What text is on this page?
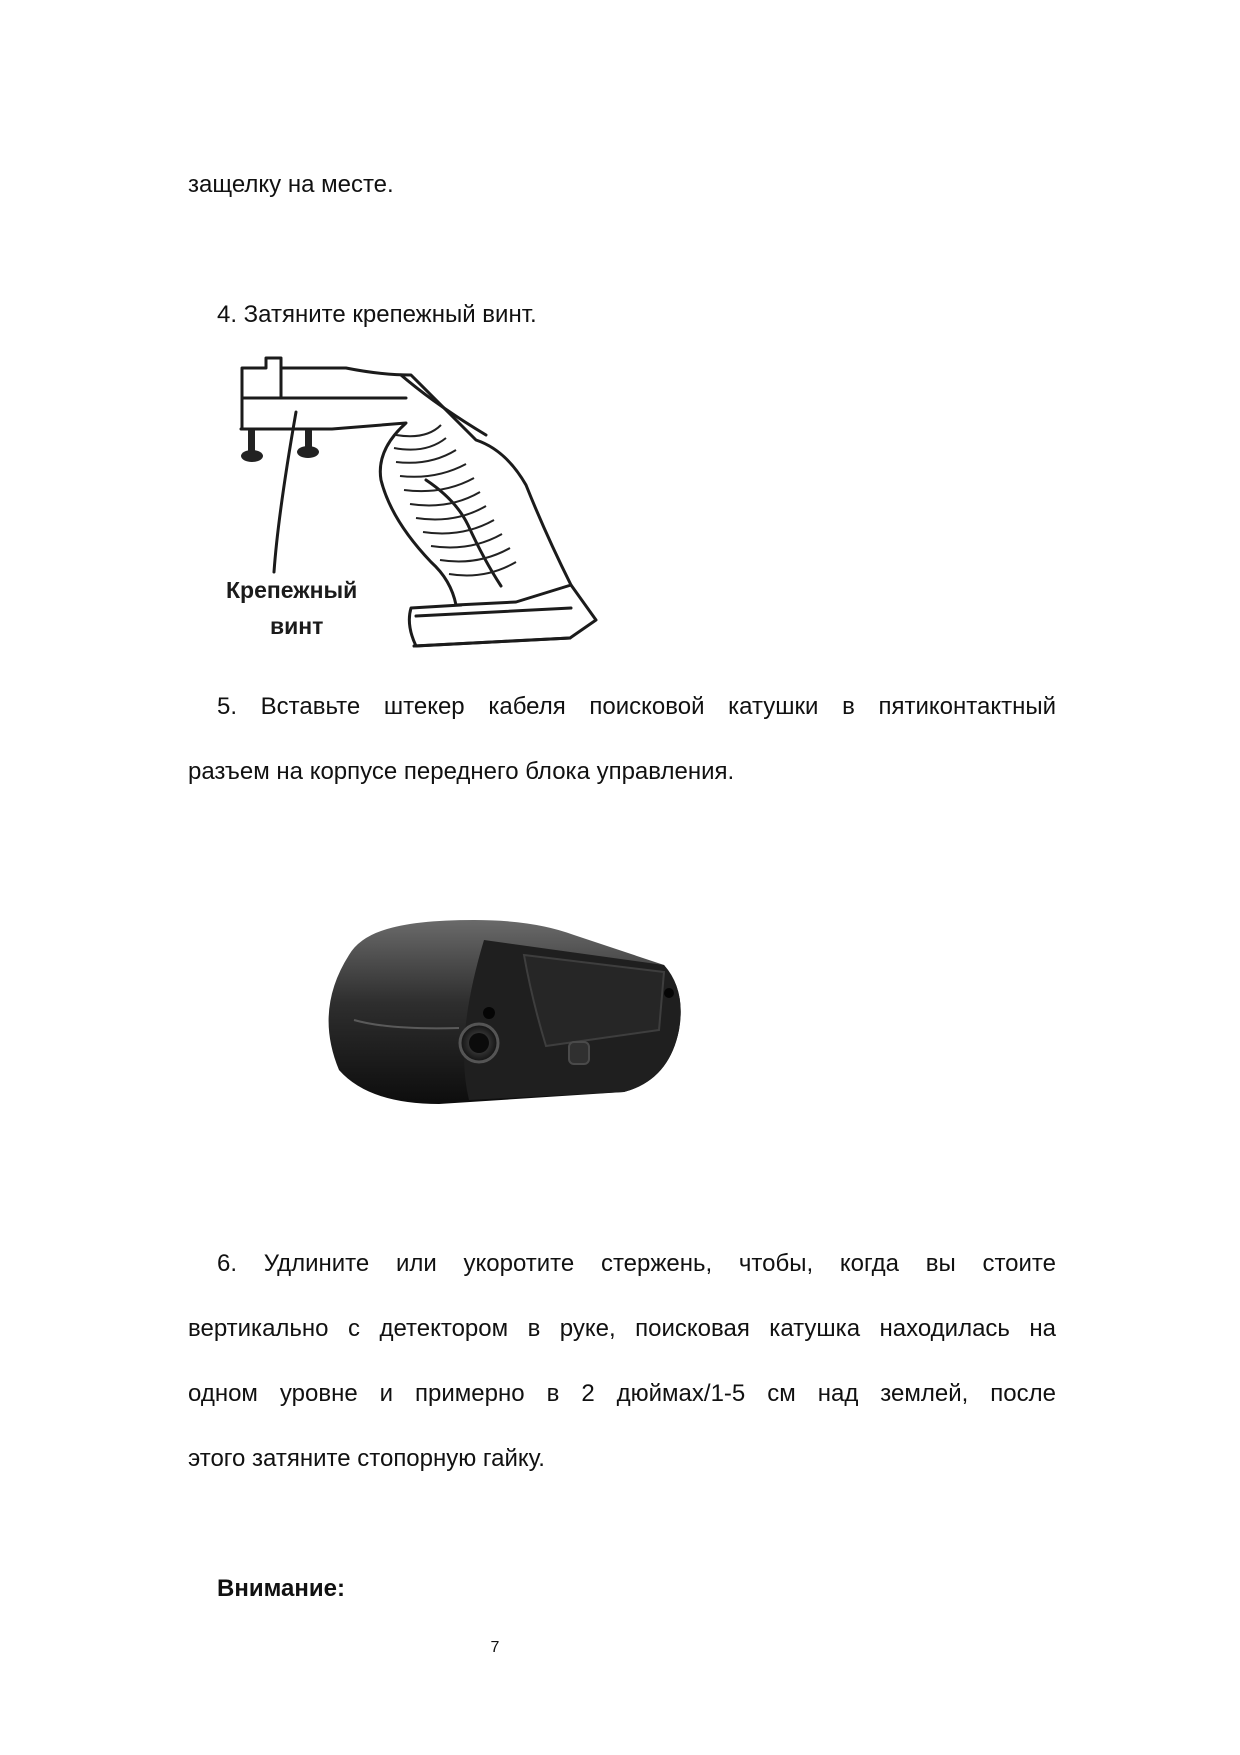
защелку на месте.
4. Затяните крепежный винт.
Крепежный
винт
5. Вставьте штекер кабеля поисковой катушки в пятиконтактный
разъем на корпусе переднего блока управления.
6. Удлините или укоротите стержень, чтобы, когда вы стоите
вертикально с детектором в руке, поисковая катушка находилась на
одном уровне и примерно в 2 дюймах/1-5 см над землей, после
этого затяните стопорную гайку.
Внимание:
7
